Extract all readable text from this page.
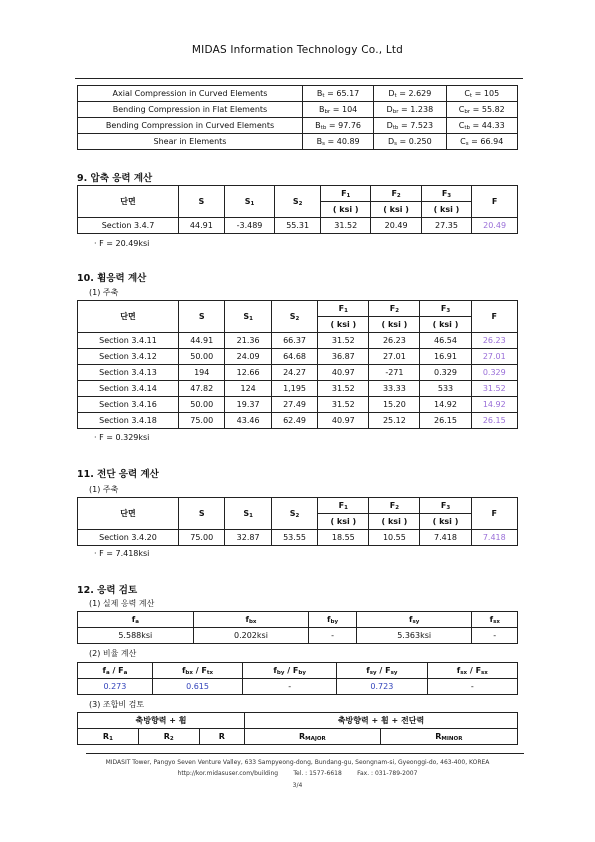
MIDAS Information Technology Co., Ltd
Axial Compression in Curved Elements	$B_t = 65.17$	$D_t = 2.629$	$C_t = 105$
Bending Compression in Flat Elements	$B_{br} = 104$	$D_{br} = 1.238$	$C_{br} = 55.82$
Bending Compression in Curved Elements	$B_{tb} = 97.76$	$D_{tb} = 7.523$	$C_{tb} = 44.33$
Shear in Elements	$B_s = 40.89$	$D_s = 0.250$	$C_s = 66.94$
9. 압축 응력 계산
단면	S	$S_1$	$S_2$	$F_1$	$F_2$	$F_3$	F
				( ksi )	( ksi )	( ksi )	
Section 3.4.7	44.91	-3.489	55.31	31.52	20.49	27.35	20.49
· F = 20.49ksi
10. 휨응력 계산
(1) 주축
단면	S	$S_1$	$S_2$	$F_1$	$F_2$	$F_3$	F
				( ksi )	( ksi )	( ksi )	
Section 3.4.11	44.91	21.36	66.37	31.52	26.23	46.54	26.23
Section 3.4.12	50.00	24.09	64.68	36.87	27.01	16.91	27.01
Section 3.4.13	194	12.66	24.27	40.97	-271	0.329	0.329
Section 3.4.14	47.82	124	1,195	31.52	33.33	533	31.52
Section 3.4.16	50.00	19.37	27.49	31.52	15.20	14.92	14.92
Section 3.4.18	75.00	43.46	62.49	40.97	25.12	26.15	26.15
· F = 0.329ksi
11. 전단 응력 계산
(1) 주축
단면	S	$S_1$	$S_2$	$F_1$	$F_2$	$F_3$	F
				( ksi )	( ksi )	( ksi )	
Section 3.4.20	75.00	32.87	53.55	18.55	10.55	7.418	7.418
· F = 7.418ksi
12. 응력 검토
(1) 실제 응력 계산
$f_a$	$f_{bx}$	$f_{by}$	$f_{sy}$	$f_{sx}$
5.588ksi	0.202ksi	-	5.363ksi	-
(2) 비율 계산
$f_a / F_a$	$f_{bx} / F_{tx}$	$f_{by} / F_{by}$	$f_{sy} / F_{sy}$	$f_{sx} / F_{sx}$
0.273	0.615	-	0.723	-
(3) 조합비 검토
축방향력 + 휨			축방향력 + 휨 + 전단력	
$R_1$	$R_2$	R	$R_{MAJOR}$	$R_{MINOR}$
MIDASIT Tower, Pangyo Seven Venture Valley, 633 Sampyeong-dong, Bundang-gu, Seongnam-si, Gyeonggi-do, 463-400, KOREA
http://kor.midasuser.com/building        Tel. : 1577-6618        Fax. : 031-789-2007
3/4
